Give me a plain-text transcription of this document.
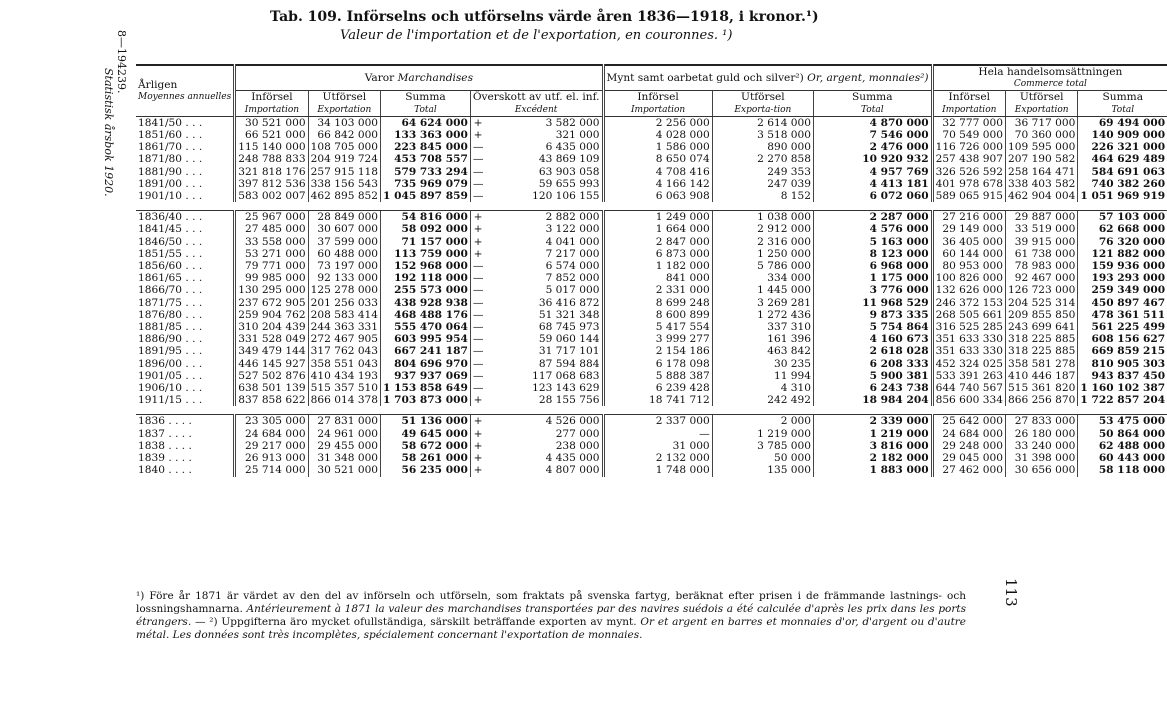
8—194239.
Statistisk årsbok 1920.
113
Tab. 109. Införselns och utförselns värde åren 1836—1918, i kronor.¹)
Valeur de l'importation et de l'exportation, en couronnes. ¹)
Årligen
Moyennes annuelles	Varor Marchandises					Mynt samt oarbetat guld och silver²) Or, argent, monnaies²)			Hela handelsomsättningen
Commerce total		

	Införsel
Importation	Utförsel
Exportation	Summa
Total	Överskott av utf. el. inf.
Excédent		Införsel
Importation	Utförsel
Exporta-tion	Summa
Total	Införsel
Importation	Utförsel
Exportation	Summa
Total

1841/50 . . .	30 521 000	34 103 000	64 624 000	+	3 582 000	2 256 000	2 614 000	4 870 000	32 777 000	36 717 000	69 494 000
1851/60 . . .	66 521 000	66 842 000	133 363 000	+	321 000	4 028 000	3 518 000	7 546 000	70 549 000	70 360 000	140 909 000
1861/70 . . .	115 140 000	108 705 000	223 845 000	—	6 435 000	1 586 000	890 000	2 476 000	116 726 000	109 595 000	226 321 000
1871/80 . . .	248 788 833	204 919 724	453 708 557	—	43 869 109	8 650 074	2 270 858	10 920 932	257 438 907	207 190 582	464 629 489
1881/90 . . .	321 818 176	257 915 118	579 733 294	—	63 903 058	4 708 416	249 353	4 957 769	326 526 592	258 164 471	584 691 063
1891/00 . . .	397 812 536	338 156 543	735 969 079	—	59 655 993	4 166 142	247 039	4 413 181	401 978 678	338 403 582	740 382 260
1901/10 . . .	583 002 007	462 895 852	1 045 897 859	—	120 106 155	6 063 908	8 152	6 072 060	589 065 915	462 904 004	1 051 969 919

1836/40 . . .	25 967 000	28 849 000	54 816 000	+	2 882 000	1 249 000	1 038 000	2 287 000	27 216 000	29 887 000	57 103 000
1841/45 . . .	27 485 000	30 607 000	58 092 000	+	3 122 000	1 664 000	2 912 000	4 576 000	29 149 000	33 519 000	62 668 000
1846/50 . . .	33 558 000	37 599 000	71 157 000	+	4 041 000	2 847 000	2 316 000	5 163 000	36 405 000	39 915 000	76 320 000
1851/55 . . .	53 271 000	60 488 000	113 759 000	+	7 217 000	6 873 000	1 250 000	8 123 000	60 144 000	61 738 000	121 882 000
1856/60 . . .	79 771 000	73 197 000	152 968 000	—	6 574 000	1 182 000	5 786 000	6 968 000	80 953 000	78 983 000	159 936 000
1861/65 . . .	99 985 000	92 133 000	192 118 000	—	7 852 000	841 000	334 000	1 175 000	100 826 000	92 467 000	193 293 000
1866/70 . . .	130 295 000	125 278 000	255 573 000	—	5 017 000	2 331 000	1 445 000	3 776 000	132 626 000	126 723 000	259 349 000
1871/75 . . .	237 672 905	201 256 033	438 928 938	—	36 416 872	8 699 248	3 269 281	11 968 529	246 372 153	204 525 314	450 897 467
1876/80 . . .	259 904 762	208 583 414	468 488 176	—	51 321 348	8 600 899	1 272 436	9 873 335	268 505 661	209 855 850	478 361 511
1881/85 . . .	310 204 439	244 363 331	555 470 064	—	68 745 973	5 417 554	337 310	5 754 864	316 525 285	243 699 641	561 225 499
1886/90 . . .	331 528 049	272 467 905	603 995 954	—	59 060 144	3 999 277	161 396	4 160 673	351 633 330	318 225 885	608 156 627
1891/95 . . .	349 479 144	317 762 043	667 241 187	—	31 717 101	2 154 186	463 842	2 618 028	351 633 330	318 225 885	669 859 215
1896/00 . . .	446 145 927	358 551 043	804 696 970	—	87 594 884	6 178 098	30 235	6 208 333	452 324 025	358 581 278	810 905 303
1901/05 . . .	527 502 876	410 434 193	937 937 069	—	117 068 683	5 888 387	11 994	5 900 381	533 391 263	410 446 187	943 837 450
1906/10 . . .	638 501 139	515 357 510	1 153 858 649	—	123 143 629	6 239 428	4 310	6 243 738	644 740 567	515 361 820	1 160 102 387
1911/15 . . .	837 858 622	866 014 378	1 703 873 000	+	28 155 756	18 741 712	242 492	18 984 204	856 600 334	866 256 870	1 722 857 204

1836 . . . .	23 305 000	27 831 000	51 136 000	+	4 526 000	2 337 000	2 000	2 339 000	25 642 000	27 833 000	53 475 000
1837 . . . .	24 684 000	24 961 000	49 645 000	+	277 000	—	1 219 000	1 219 000	24 684 000	26 180 000	50 864 000
1838 . . . .	29 217 000	29 455 000	58 672 000	+	238 000	31 000	3 785 000	3 816 000	29 248 000	33 240 000	62 488 000
1839 . . . .	26 913 000	31 348 000	58 261 000	+	4 435 000	2 132 000	50 000	2 182 000	29 045 000	31 398 000	60 443 000
1840 . . . .	25 714 000	30 521 000	56 235 000	+	4 807 000	1 748 000	135 000	1 883 000	27 462 000	30 656 000	58 118 000
¹) Före år 1871 är värdet av den del av införseln och utförseln, som fraktats på svenska fartyg, beräknat efter prisen i de främmande lastnings- och lossningshamnarna. Antérieurement à 1871 la valeur des marchandises transportées par des navires suédois a été calculée d'après les prix dans les ports étrangers. — ²) Uppgifterna äro mycket ofullständiga, särskilt beträffande exporten av mynt. Or et argent en barres et monnaies d'or, d'argent ou d'autre métal. Les données sont très incomplètes, spécialement concernant l'exportation de monnaies.
